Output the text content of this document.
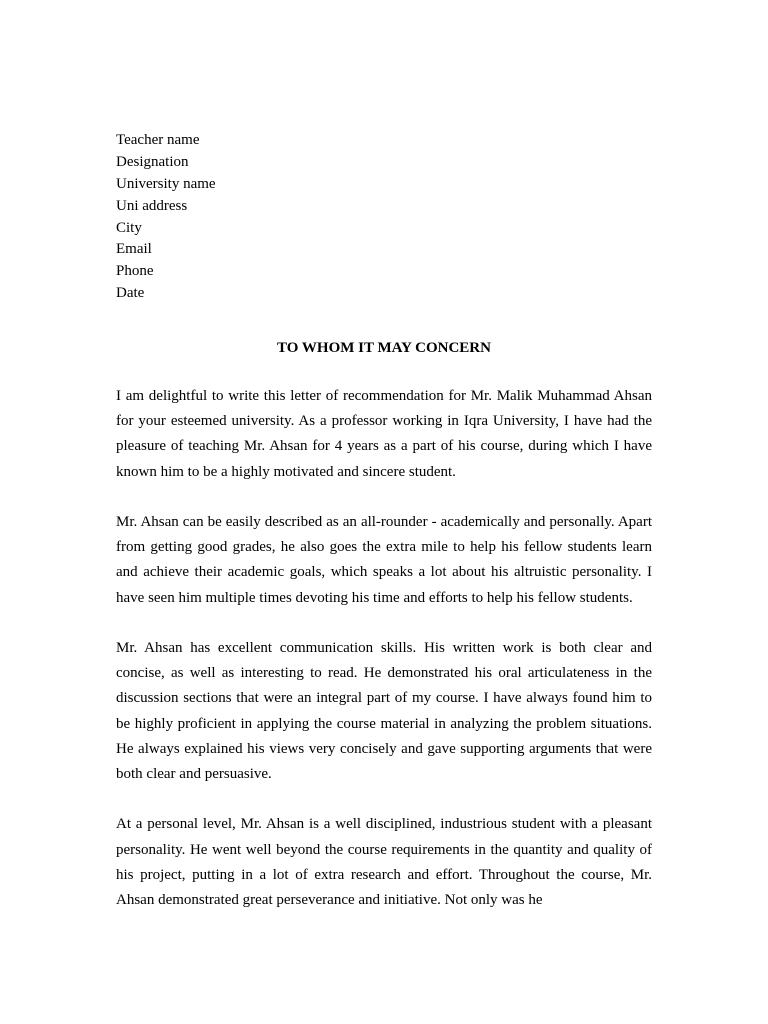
Teacher name
Designation
University name
Uni address
City
Email
Phone
Date
TO WHOM IT MAY CONCERN

I am delightful to write this letter of recommendation for Mr. Malik Muhammad Ahsan for your esteemed university. As a professor working in Iqra University, I have had the pleasure of teaching Mr. Ahsan for 4 years as a part of his course, during which I have known him to be a highly motivated and sincere student.

Mr. Ahsan can be easily described as an all-rounder - academically and personally. Apart from getting good grades, he also goes the extra mile to help his fellow students learn and achieve their academic goals, which speaks a lot about his altruistic personality. I have seen him multiple times devoting his time and efforts to help his fellow students.

Mr. Ahsan has excellent communication skills. His written work is both clear and concise, as well as interesting to read. He demonstrated his oral articulateness in the discussion sections that were an integral part of my course. I have always found him to be highly proficient in applying the course material in analyzing the problem situations. He always explained his views very concisely and gave supporting arguments that were both clear and persuasive.

At a personal level, Mr. Ahsan is a well disciplined, industrious student with a pleasant personality. He went well beyond the course requirements in the quantity and quality of his project, putting in a lot of extra research and effort. Throughout the course, Mr. Ahsan demonstrated great perseverance and initiative. Not only was he
